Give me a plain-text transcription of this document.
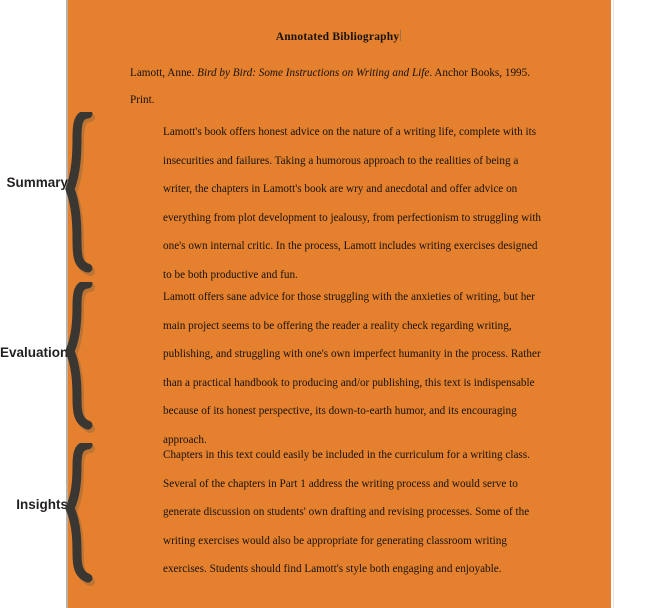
Annotated Bibliography
Lamott, Anne. Bird by Bird: Some Instructions on Writing and Life. Anchor Books, 1995.
Print.
Lamott's book offers honest advice on the nature of a writing life, complete with its insecurities and failures. Taking a humorous approach to the realities of being a writer, the chapters in Lamott's book are wry and anecdotal and offer advice on everything from plot development to jealousy, from perfectionism to struggling with one's own internal critic. In the process, Lamott includes writing exercises designed to be both productive and fun.
Lamott offers sane advice for those struggling with the anxieties of writing, but her main project seems to be offering the reader a reality check regarding writing, publishing, and struggling with one's own imperfect humanity in the process. Rather than a practical handbook to producing and/or publishing, this text is indispensable because of its honest perspective, its down-to-earth humor, and its encouraging approach.
Chapters in this text could easily be included in the curriculum for a writing class. Several of the chapters in Part 1 address the writing process and would serve to generate discussion on students' own drafting and revising processes. Some of the writing exercises would also be appropriate for generating classroom writing exercises. Students should find Lamott's style both engaging and enjoyable.
Summary
Evaluation
Insights
